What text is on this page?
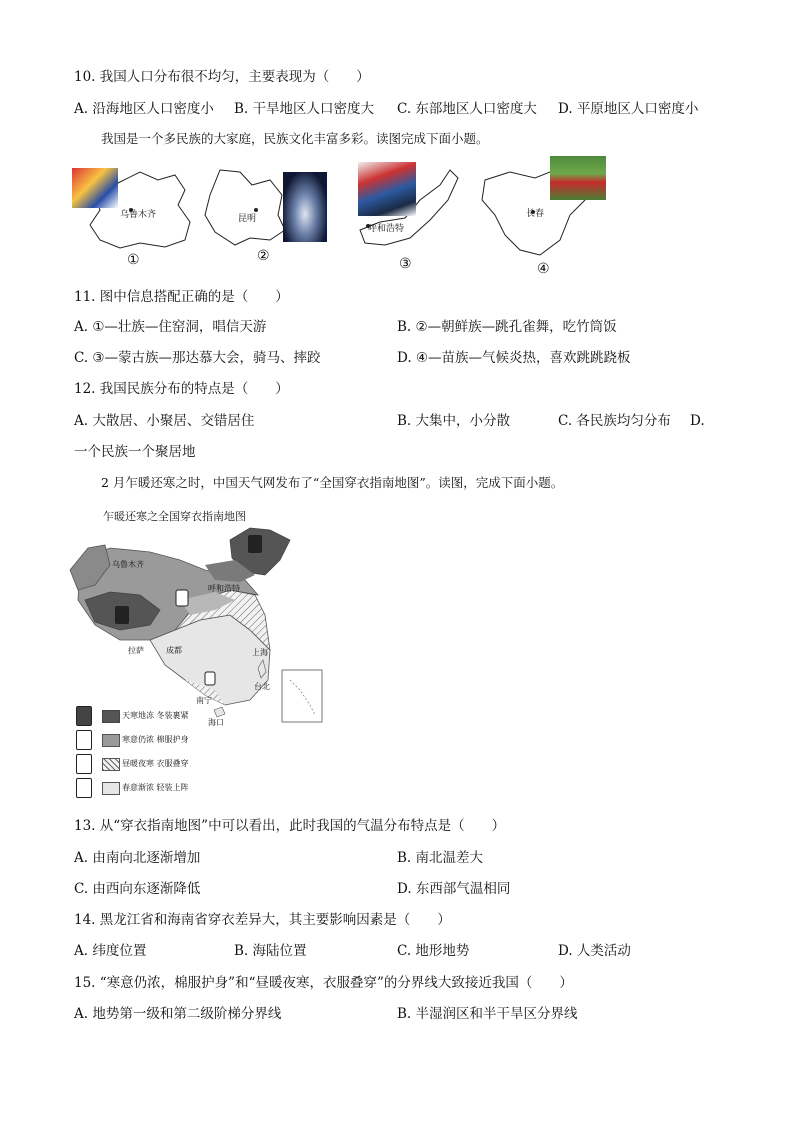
10. 我国人口分布很不均匀，主要表现为（　　）
A. 沿海地区人口密度小 B. 干旱地区人口密度大 C. 东部地区人口密度大 D. 平原地区人口密度小
我国是一个多民族的大家庭，民族文化丰富多彩。读图完成下面小题。
乌鲁木齐	昆明
呼和浩特
长春
①	②	③	④
11. 图中信息搭配正确的是（　　）
A. ①—壮族—住窑洞，唱信天游	B. ②—朝鲜族—跳孔雀舞，吃竹筒饭
C. ③—蒙古族—那达慕大会，骑马、摔跤	D. ④—苗族—气候炎热，喜欢跳跳跷板
12. 我国民族分布的特点是（　　）
A. 大散居、小聚居、交错居住	B. 大集中，小分散	C. 各民族均匀分布 D.
一个民族一个聚居地
2 月乍暖还寒之时，中国天气网发布了“全国穿衣指南地图”。读图，完成下面小题。
乍暖还寒之全国穿衣指南地图
乌鲁木齐
呼和浩特
拉萨	成都	上海
南宁
海口
台北
天寒地冻 冬装裹紧
寒意仍浓 棉服护身
昼暖夜寒 衣服叠穿
春意渐浓 轻装上阵
13. 从“穿衣指南地图”中可以看出，此时我国的气温分布特点是（　　）
A. 由南向北逐渐增加	B. 南北温差大
C. 由西向东逐渐降低	D. 东西部气温相同
14. 黑龙江省和海南省穿衣差异大，其主要影响因素是（　　）
A. 纬度位置	B. 海陆位置	C. 地形地势	D. 人类活动
15. “寒意仍浓，棉服护身”和“昼暖夜寒，衣服叠穿”的分界线大致接近我国（　　）
A. 地势第一级和第二级阶梯分界线	B. 半湿润区和半干旱区分界线
